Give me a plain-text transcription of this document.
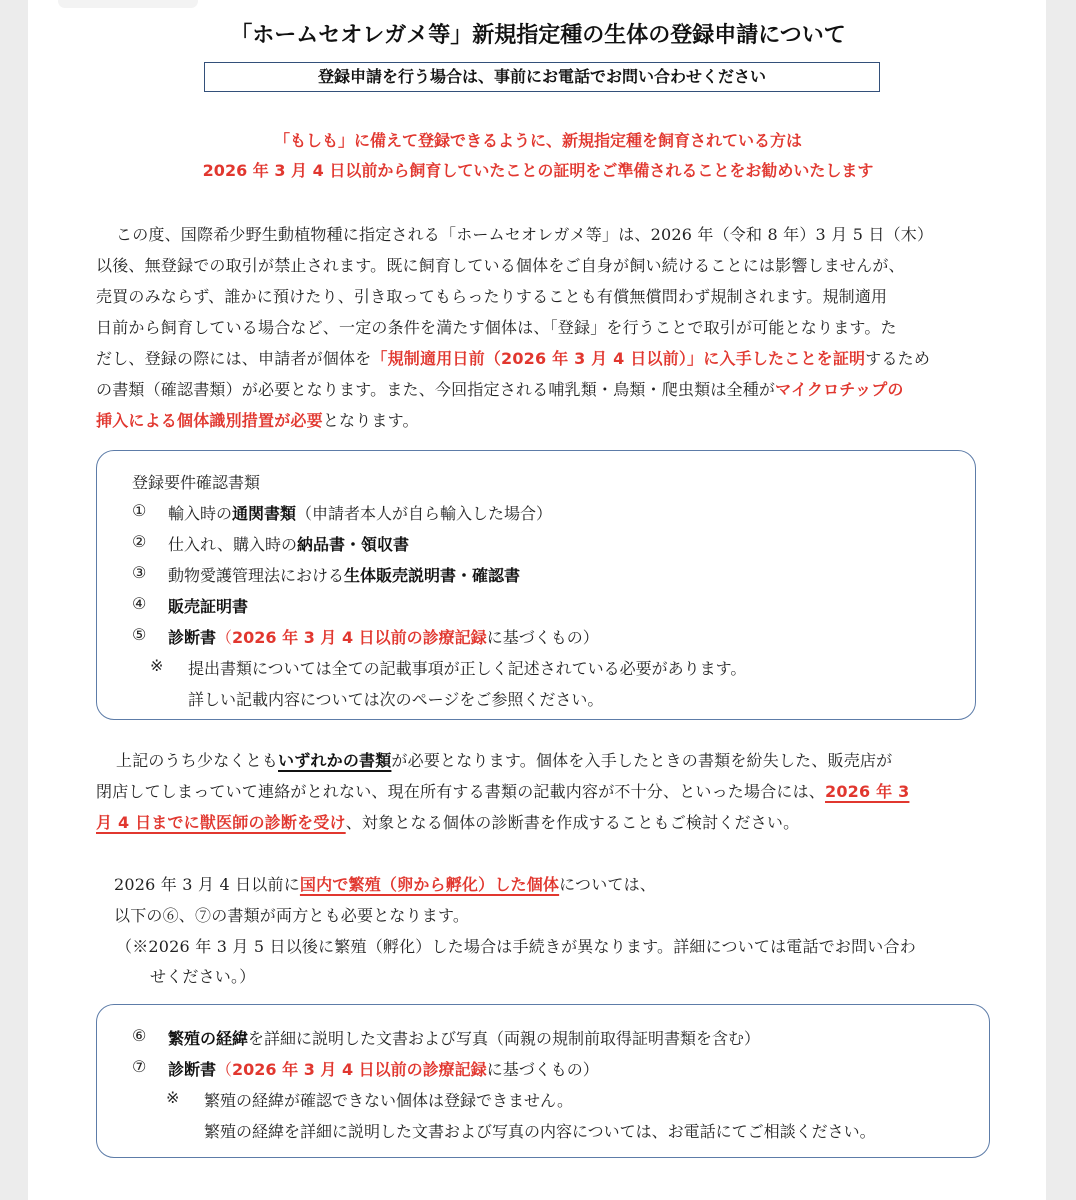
「ホームセオレガメ等」新規指定種の生体の登録申請について
登録申請を行う場合は、事前にお電話でお問い合わせください
「もしも」に備えて登録できるように、新規指定種を飼育されている方は
2026 年 3 月 4 日以前から飼育していたことの証明をご準備されることをお勧めいたします
この度、国際希少野生動植物種に指定される「ホームセオレガメ等」は、2026 年（令和 8 年）3 月 5 日（木）
以後、無登録での取引が禁止されます。既に飼育している個体をご自身が飼い続けることには影響しませんが、
売買のみならず、誰かに預けたり、引き取ってもらったりすることも有償無償問わず規制されます。規制適用
日前から飼育している場合など、一定の条件を満たす個体は、「登録」を行うことで取引が可能となります。た
だし、登録の際には、申請者が個体を「規制適用日前（2026 年 3 月 4 日以前）」に入手したことを証明するため
の書類（確認書類）が必要となります。また、今回指定される哺乳類・鳥類・爬虫類は全種がマイクロチップの
挿入による個体識別措置が必要となります。
登録要件確認書類
① 輸入時の通関書類（申請者本人が自ら輸入した場合）
② 仕入れ、購入時の納品書・領収書
③ 動物愛護管理法における生体販売説明書・確認書
④ 販売証明書
⑤ 診断書（2026 年 3 月 4 日以前の診療記録に基づくもの）
※ 提出書類については全ての記載事項が正しく記述されている必要があります。
詳しい記載内容については次のページをご参照ください。
上記のうち少なくともいずれかの書類が必要となります。個体を入手したときの書類を紛失した、販売店が
閉店してしまっていて連絡がとれない、現在所有する書類の記載内容が不十分、といった場合には、2026 年 3
月 4 日までに獣医師の診断を受け、対象となる個体の診断書を作成することもご検討ください。
2026 年 3 月 4 日以前に国内で繁殖（卵から孵化）した個体については、
以下の⑥、⑦の書類が両方とも必要となります。
（※2026 年 3 月 5 日以後に繁殖（孵化）した場合は手続きが異なります。詳細については電話でお問い合わ
せください。）
⑥ 繁殖の経緯を詳細に説明した文書および写真（両親の規制前取得証明書類を含む）
⑦ 診断書（2026 年 3 月 4 日以前の診療記録に基づくもの）
※ 繁殖の経緯が確認できない個体は登録できません。
繁殖の経緯を詳細に説明した文書および写真の内容については、お電話にてご相談ください。
